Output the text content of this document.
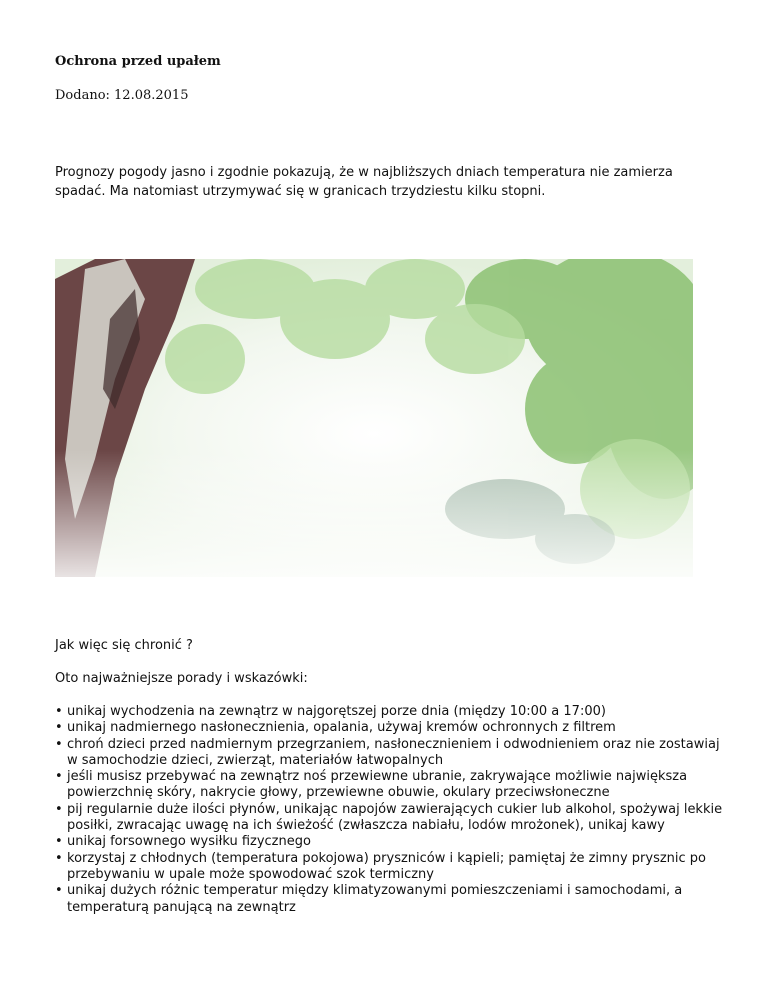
Ochrona przed upałem
Dodano: 12.08.2015
Prognozy pogody jasno i zgodnie pokazują, że w najbliższych dniach temperatura nie zamierza spadać. Ma natomiast utrzymywać się w granicach trzydziestu kilku stopni.
Jak więc się chronić ?
Oto najważniejsze porady i wskazówki:
• unikaj wychodzenia na zewnątrz w najgorętszej porze dnia (między 10:00 a 17:00)
• unikaj nadmiernego nasłonecznienia, opalania, używaj kremów ochronnych z filtrem
• chroń dzieci przed nadmiernym przegrzaniem, nasłonecznieniem i odwodnieniem oraz nie zostawiaj w samochodzie dzieci, zwierząt, materiałów łatwopalnych
• jeśli musisz przebywać na zewnątrz noś przewiewne ubranie, zakrywające możliwie największa powierzchnię skóry, nakrycie głowy, przewiewne obuwie, okulary przeciwsłoneczne
• pij regularnie duże ilości płynów, unikając napojów zawierających cukier lub alkohol, spożywaj lekkie posiłki, zwracając uwagę na ich świeżość (zwłaszcza nabiału, lodów mrożonek), unikaj kawy
• unikaj forsownego wysiłku fizycznego
• korzystaj z chłodnych (temperatura pokojowa) pryszniców i kąpieli; pamiętaj że zimny prysznic po przebywaniu w upale może spowodować szok termiczny
• unikaj dużych różnic temperatur między klimatyzowanymi pomieszczeniami i samochodami, a temperaturą panującą na zewnątrz
